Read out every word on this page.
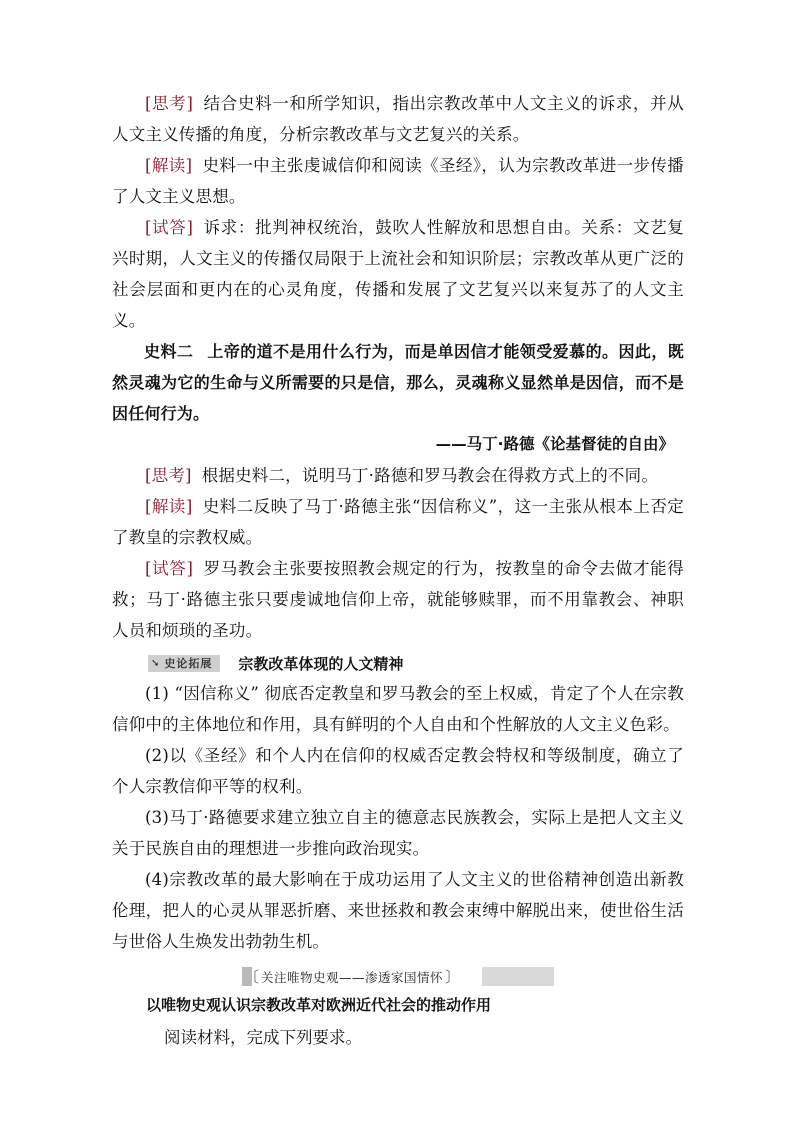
[思考] 结合史料一和所学知识，指出宗教改革中人文主义的诉求，并从人文主义传播的角度，分析宗教改革与文艺复兴的关系。

[解读] 史料一中主张虔诚信仰和阅读《圣经》，认为宗教改革进一步传播了人文主义思想。

[试答] 诉求：批判神权统治，鼓吹人性解放和思想自由。关系：文艺复兴时期，人文主义的传播仅局限于上流社会和知识阶层；宗教改革从更广泛的社会层面和更内在的心灵角度，传播和发展了文艺复兴以来复苏了的人文主义。

史料二 上帝的道不是用什么行为，而是单因信才能领受爱慕的。因此，既然灵魂为它的生命与义所需要的只是信，那么，灵魂称义显然单是因信，而不是因任何行为。

——马丁·路德《论基督徒的自由》

[思考] 根据史料二，说明马丁·路德和罗马教会在得救方式上的不同。

[解读] 史料二反映了马丁·路德主张“因信称义”，这一主张从根本上否定了教皇的宗教权威。

[试答] 罗马教会主张要按照教会规定的行为，按教皇的命令去做才能得救；马丁·路德主张只要虔诚地信仰上帝，就能够赎罪，而不用靠教会、神职人员和烦琐的圣功。

➘ 史论拓展 宗教改革体现的人文精神

(1) “因信称义” 彻底否定教皇和罗马教会的至上权威，肯定了个人在宗教信仰中的主体地位和作用，具有鲜明的个人自由和个性解放的人文主义色彩。

(2)以《圣经》和个人内在信仰的权威否定教会特权和等级制度，确立了个人宗教信仰平等的权利。

(3)马丁·路德要求建立独立自主的德意志民族教会，实际上是把人文主义关于民族自由的理想进一步推向政治现实。

(4)宗教改革的最大影响在于成功运用了人文主义的世俗精神创造出新教伦理，把人的心灵从罪恶折磨、来世拯救和教会束缚中解脱出来，使世俗生活与世俗人生焕发出勃勃生机。

〔 关注唯物史观——渗透家国情怀 〕
以唯物史观认识宗教改革对欧洲近代社会的推动作用
阅读材料，完成下列要求。
